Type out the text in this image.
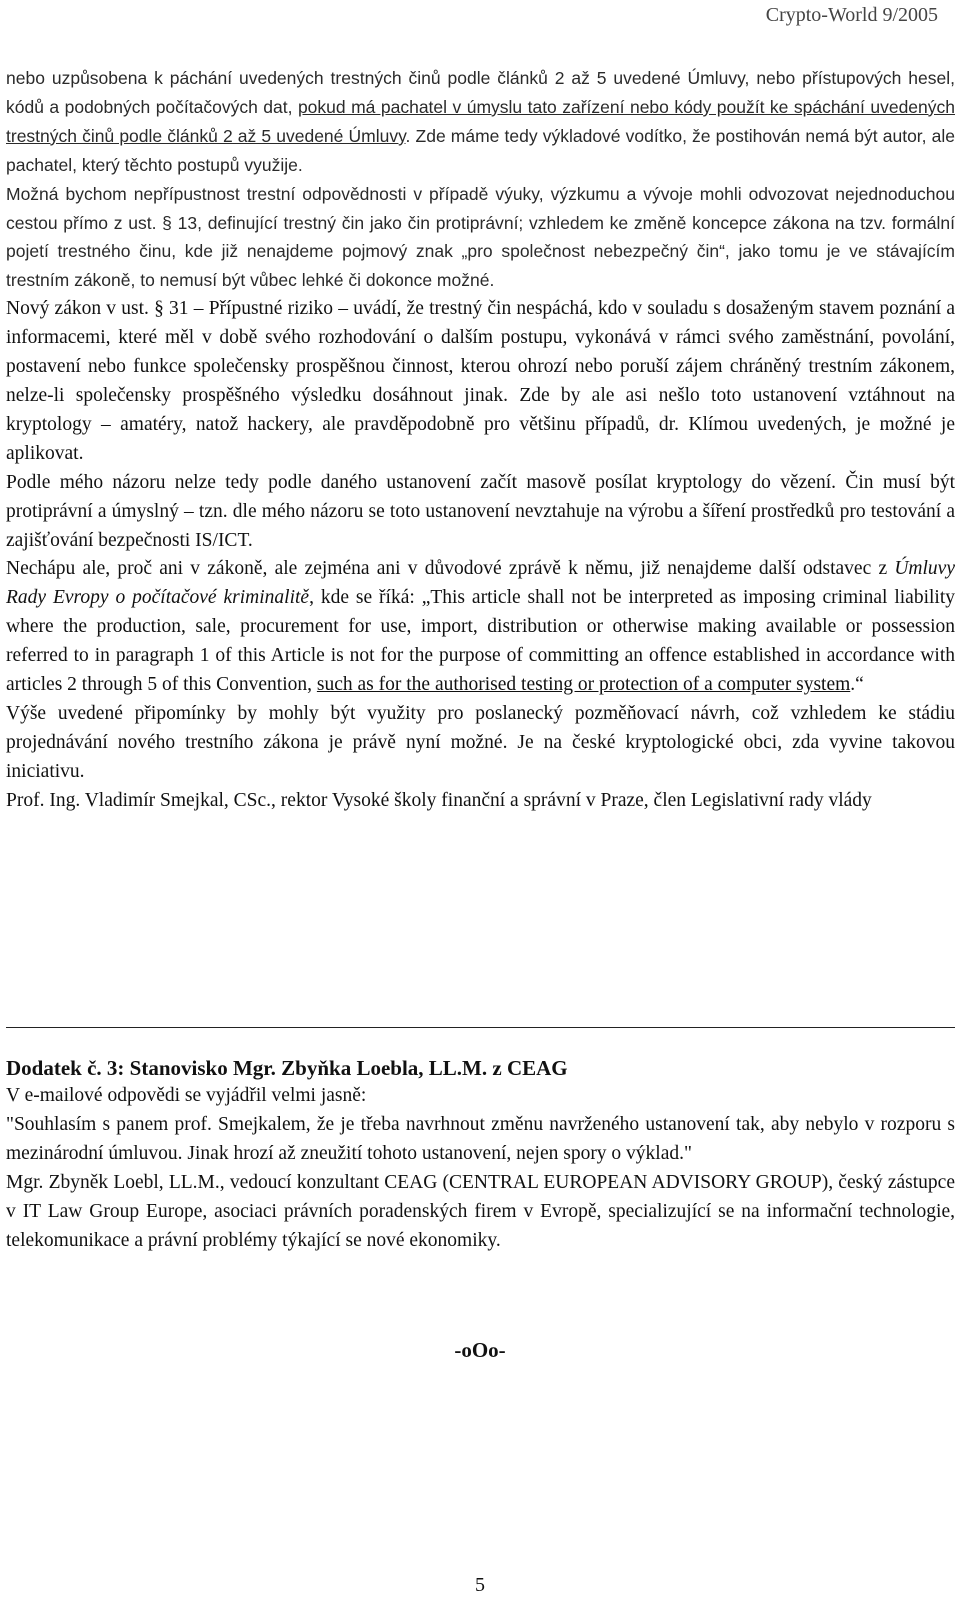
Crypto-World 9/2005

nebo uzpůsobena k páchání uvedených trestných činů podle článků 2 až 5 uvedené Úmluvy, nebo přístupových hesel, kódů a podobných počítačových dat, pokud má pachatel v úmyslu tato zařízení nebo kódy použít ke spáchání uvedených trestných činů podle článků 2 až 5 uvedené Úmluvy. Zde máme tedy výkladové vodítko, že postihován nemá být autor, ale pachatel, který těchto postupů využije.

Možná bychom nepřípustnost trestní odpovědnosti v případě výuky, výzkumu a vývoje mohli odvozovat nejednoduchou cestou přímo z ust. § 13, definující trestný čin jako čin protiprávní; vzhledem ke změně koncepce zákona na tzv. formální pojetí trestného činu, kde již nenajdeme pojmový znak „pro společnost nebezpečný čin“, jako tomu je ve stávajícím trestním zákoně, to nemusí být vůbec lehké či dokonce možné.

Nový zákon v ust. § 31 – Přípustné riziko – uvádí, že trestný čin nespáchá, kdo v souladu s dosaženým stavem poznání a informacemi, které měl v době svého rozhodování o dalším postupu, vykonává v rámci svého zaměstnání, povolání, postavení nebo funkce společensky prospěšnou činnost, kterou ohrozí nebo poruší zájem chráněný trestním zákonem, nelze-li společensky prospěšného výsledku dosáhnout jinak. Zde by ale asi nešlo toto ustanovení vztáhnout na kryptology – amatéry, natož hackery, ale pravděpodobně pro většinu případů, dr. Klímou uvedených, je možné je aplikovat.

Podle mého názoru nelze tedy podle daného ustanovení začít masově posílat kryptology do vězení. Čin musí být protiprávní a úmyslný – tzn. dle mého názoru se toto ustanovení nevztahuje na výrobu a šíření prostředků pro testování a zajišťování bezpečnosti IS/ICT.

Nechápu ale, proč ani v zákoně, ale zejména ani v důvodové zprávě k němu, již nenajdeme další odstavec z Úmluvy Rady Evropy o počítačové kriminalitě, kde se říká: „This article shall not be interpreted as imposing criminal liability where the production, sale, procurement for use, import, distribution or otherwise making available or possession referred to in paragraph 1 of this Article is not for the purpose of committing an offence established in accordance with articles 2 through 5 of this Convention, such as for the authorised testing or protection of a computer system.“

Výše uvedené připomínky by mohly být využity pro poslanecký pozměňovací návrh, což vzhledem ke stádiu projednávání nového trestního zákona je právě nyní možné. Je na české kryptologické obci, zda vyvine takovou iniciativu.

Prof. Ing. Vladimír Smejkal, CSc., rektor Vysoké školy finanční a správní v Praze, člen Legislativní rady vlády

Dodatek č. 3: Stanovisko Mgr. Zbyňka Loebla, LL.M. z CEAG

V e-mailové odpovědi se vyjádřil velmi jasně:

"Souhlasím s panem prof. Smejkalem, že je třeba navrhnout změnu navrženého ustanovení tak, aby nebylo v rozporu s mezinárodní úmluvou. Jinak hrozí až zneužití tohoto ustanovení, nejen spory o výklad."

Mgr. Zbyněk Loebl, LL.M., vedoucí konzultant CEAG (CENTRAL EUROPEAN ADVISORY GROUP), český zástupce v IT Law Group Europe, asociaci právních poradenských firem v Evropě, specializující se na informační technologie, telekomunikace a právní problémy týkající se nové ekonomiky.

-oOo-
5
